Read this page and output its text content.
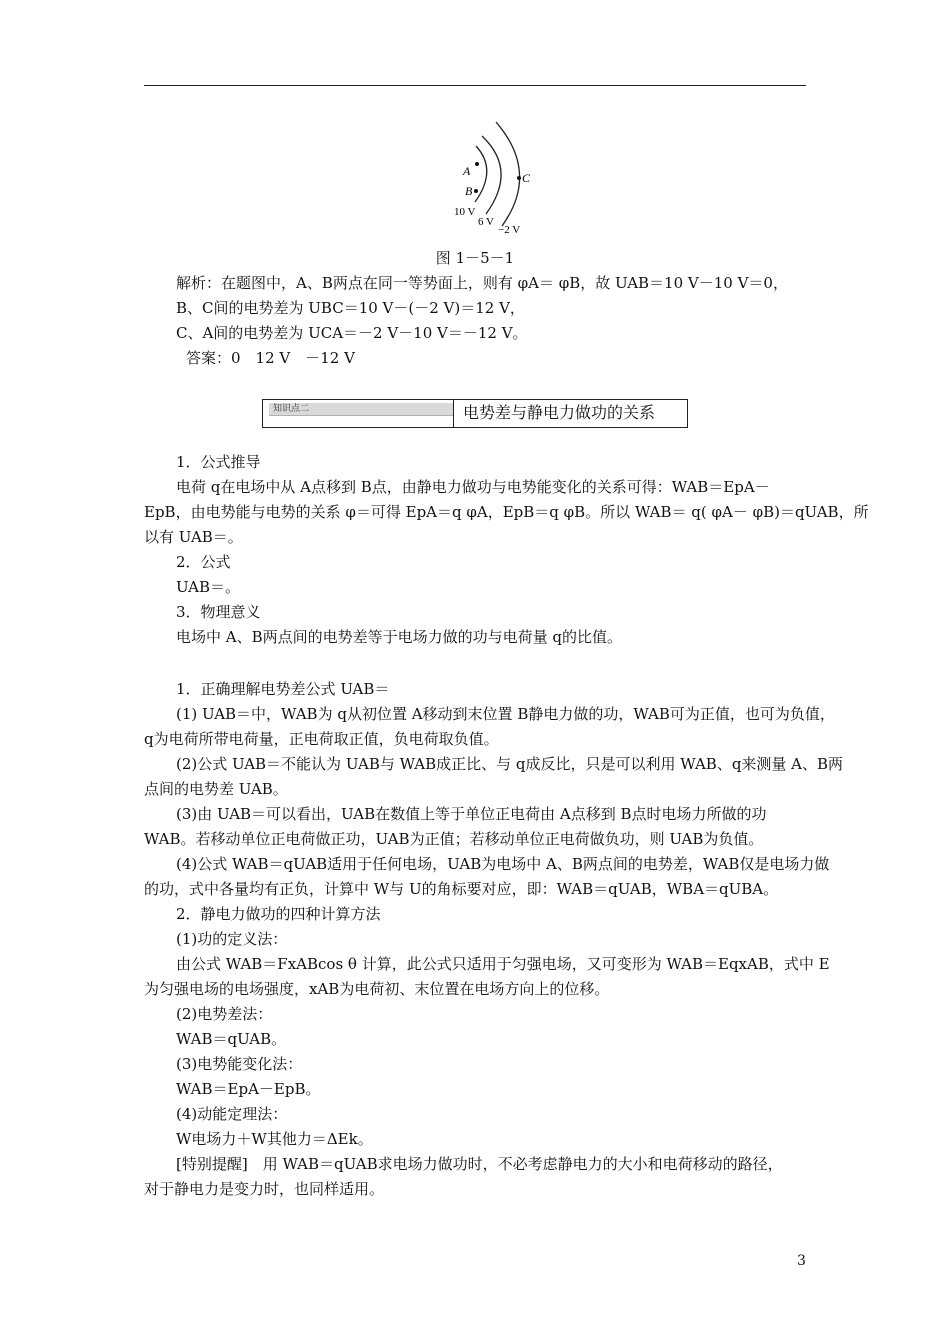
A
B
C
10 V
6 V
−2 V
图 1－5－1
解析：在题图中，A、B两点在同一等势面上，则有 φA＝ φB，故 UAB＝10 V－10 V＝0，
B、C间的电势差为 UBC＝10 V－(－2 V)＝12 V，
C、A间的电势差为 UCA＝－2 V－10 V＝－12 V。
答案：0　12 V　－12 V
知识点二	电势差与静电力做功的关系
1．公式推导
电荷 q在电场中从 A点移到 B点，由静电力做功与电势能变化的关系可得：WAB＝EpA－
EpB，由电势能与电势的关系 φ＝可得 EpA＝q φA，EpB＝q φB。所以 WAB＝ q( φA－ φB)＝qUAB，所
以有 UAB＝。
2．公式
UAB＝。
3．物理意义
电场中 A、B两点间的电势差等于电场力做的功与电荷量 q的比值。
1．正确理解电势差公式 UAB＝
(1) UAB＝中，WAB为 q从初位置 A移动到末位置 B静电力做的功，WAB可为正值，也可为负值，
q为电荷所带电荷量，正电荷取正值，负电荷取负值。
(2)公式 UAB＝不能认为 UAB与 WAB成正比、与 q成反比，只是可以利用 WAB、q来测量 A、B两
点间的电势差 UAB。
(3)由 UAB＝可以看出，UAB在数值上等于单位正电荷由 A点移到 B点时电场力所做的功
WAB。若移动单位正电荷做正功，UAB为正值；若移动单位正电荷做负功，则 UAB为负值。
(4)公式 WAB＝qUAB适用于任何电场，UAB为电场中 A、B两点间的电势差，WAB仅是电场力做
的功，式中各量均有正负，计算中 W与 U的角标要对应，即：WAB＝qUAB，WBA＝qUBA。
2．静电力做功的四种计算方法
(1)功的定义法：
由公式 WAB＝FxABcos θ 计算，此公式只适用于匀强电场，又可变形为 WAB＝EqxAB，式中 E
为匀强电场的电场强度，xAB为电荷初、末位置在电场方向上的位移。
(2)电势差法：
WAB＝qUAB。
(3)电势能变化法：
WAB＝EpA－EpB。
(4)动能定理法：
W电场力＋W其他力＝ΔEk。
[特别提醒]　用 WAB＝qUAB求电场力做功时，不必考虑静电力的大小和电荷移动的路径，
对于静电力是变力时，也同样适用。
3
